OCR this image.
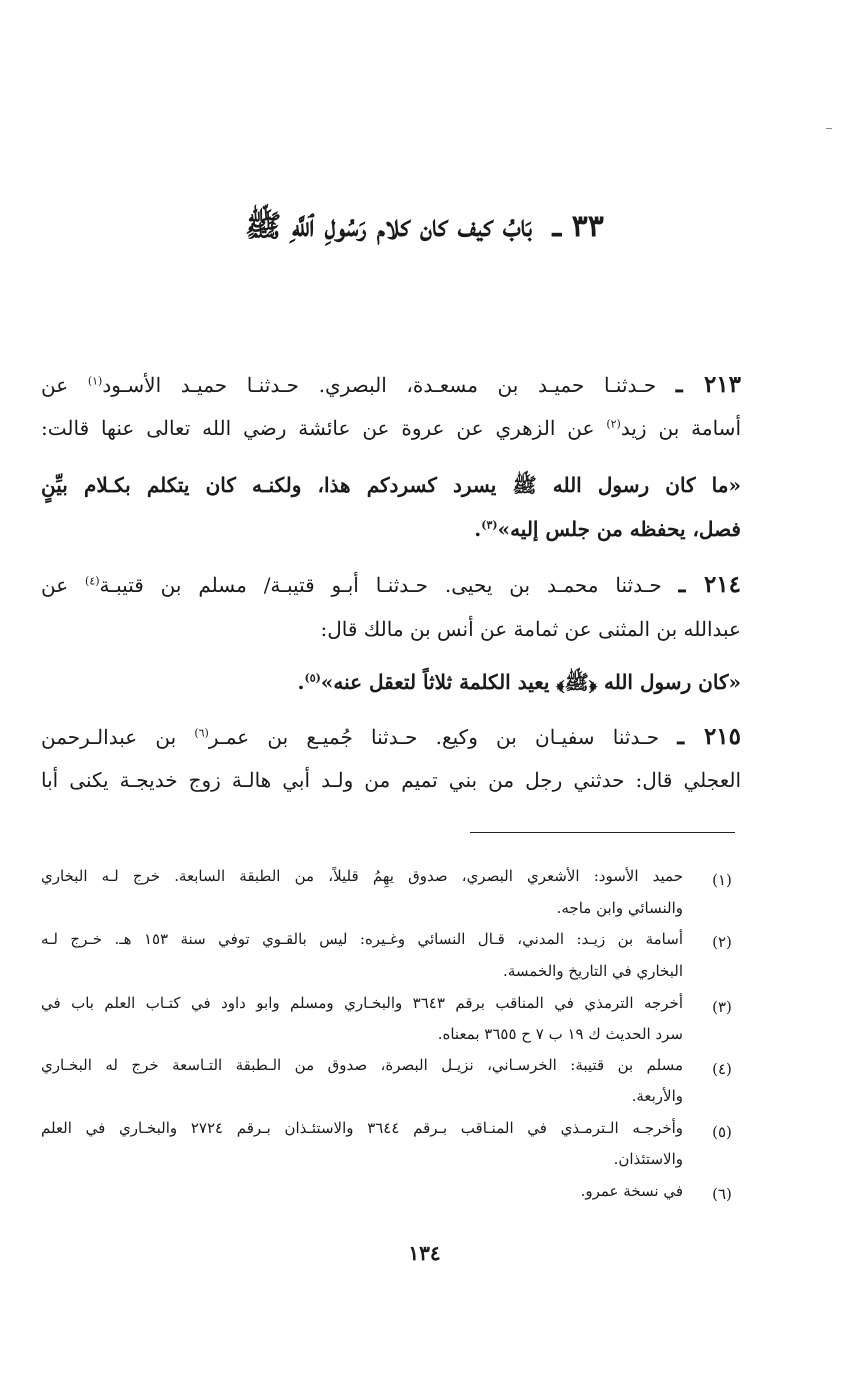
٣٣ ـ بَابُ كيف كان كلام رَسُولِ ٱللَّهِ ﷺ
٢١٣ ـ حـدثنـا حميـد بن مسعـدة، البصري. حـدثنـا حميـد الأسـود$^{(١)}$ عن
أسامة بن زيد$^{(٢)}$ عن الزهري عن عروة عن عائشة رضي الله تعالى عنها قالت:
«ما كان رسول الله ﷺ يسرد كسردكم هذا، ولكنـه كان يتكلم بكـلام بيِّنٍ
فصل، يحفظه من جلس إليه»$^{(٣)}$.
٢١٤ ـ حـدثنا محمـد بن يحيى. حـدثنـا أبـو قتيبـة/ مسلم بن قتيبـة$^{(٤)}$ عن
عبدالله بن المثنى عن ثمامة عن أنس بن مالك قال:
«كان رسول الله ﴿ﷺ﴾ يعيد الكلمة ثلاثاً لتعقل عنه»$^{(٥)}$.
٢١٥ ـ حـدثنا سفيـان بن وكيع. حـدثنا جُميـع بن عمـر$^{(٦)}$ بن عبدالـرحمن
العجلي قال: حدثني رجل من بني تميم من ولـد أبي هالـة زوج خديجـة يكنى أبا
(١)
حميد الأسود: الأشعري البصري، صدوق يهِمُ قليلاً، من الطبقة السابعة. خرج لـه البخاري
والنسائي وابن ماجه.
(٢)
أسامة بن زيـد: المدني، قـال النسائي وغـيره: ليس بالقـوي توفي سنة ١٥٣ هـ. خـرج لـه
البخاري في التاريخ والخمسة.
(٣)
أخرجه الترمذي في المناقب برقم ٣٦٤٣ والبخـاري ومسلم وابو داود في كتـاب العلم باب في
سرد الحديث ك ١٩ ب ٧ ح ٣٦٥٥ بمعناه.
(٤)
مسلم بن قتيبة: الخرسـاني، نزيـل البصرة، صدوق من الـطبقة التـاسعة خرج له البخـاري
والأربعة.
(٥)
وأخرجـه الـترمـذي في المنـاقب بـرقم ٣٦٤٤ والاستئـذان بـرقم ٢٧٢٤ والبخـاري في العلم
والاستئذان.
(٦)
في نسخة عمرو.
١٣٤
